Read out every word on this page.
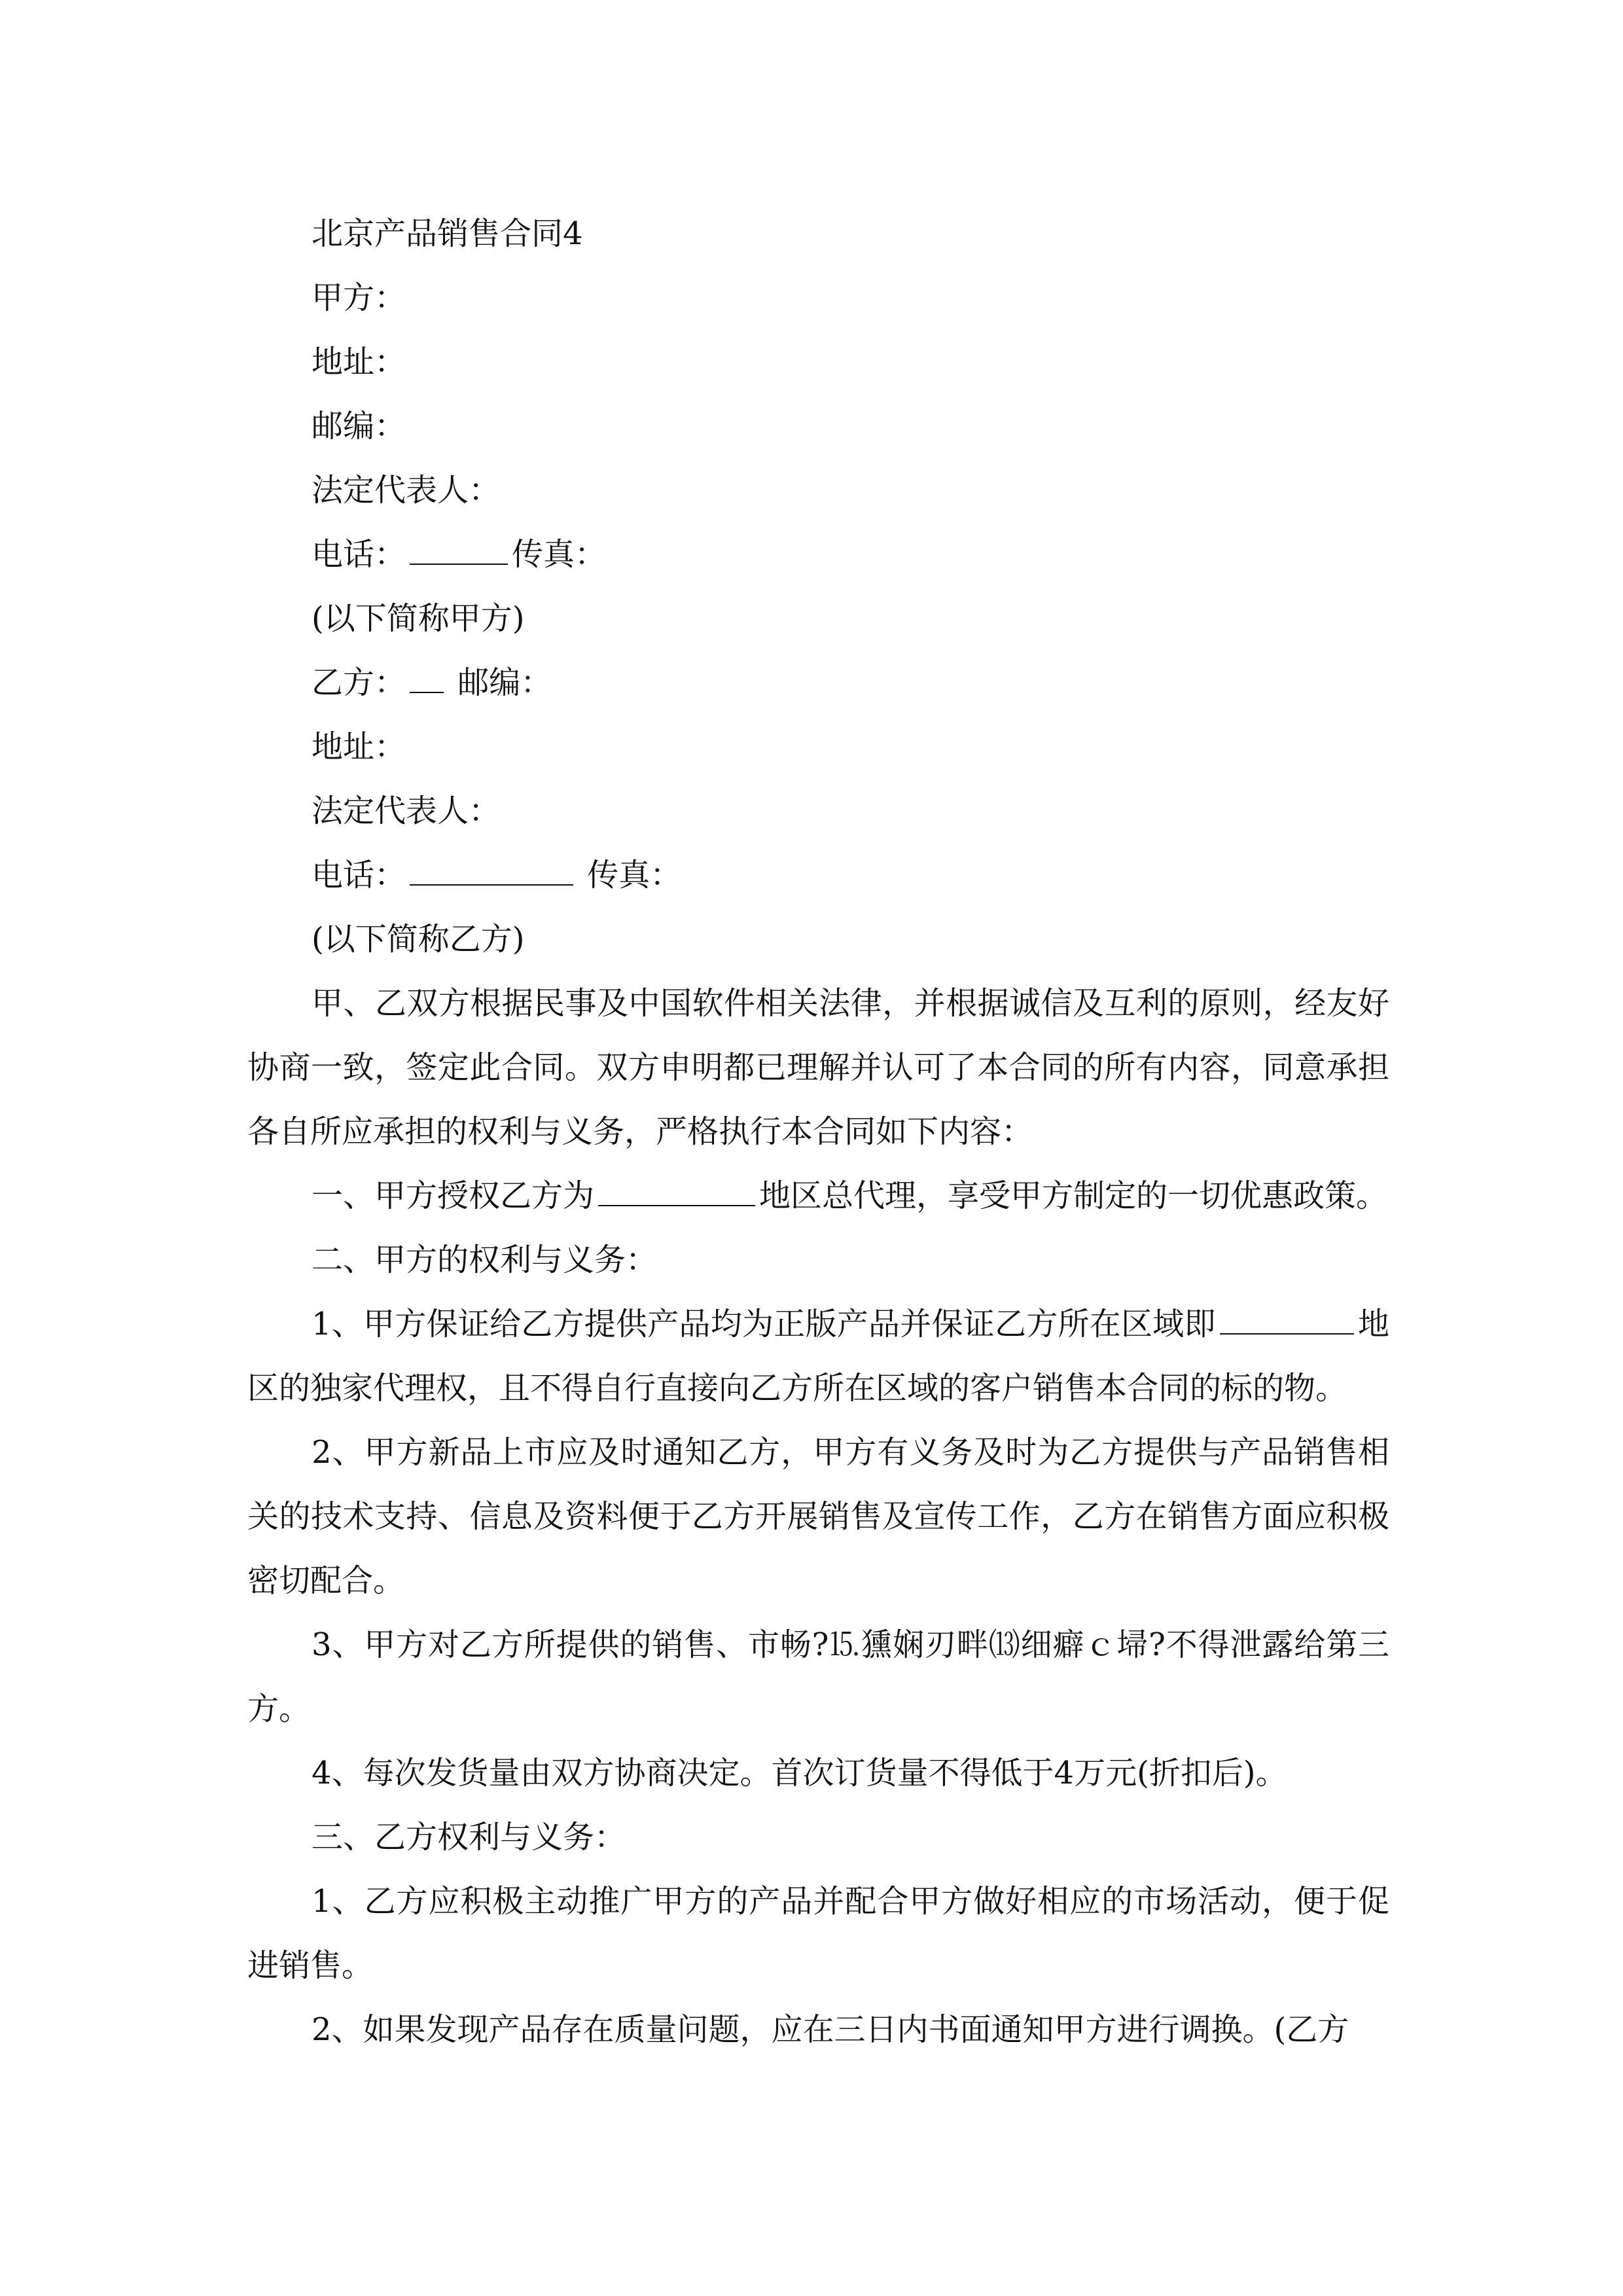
北京产品销售合同4

甲方：

地址：

邮编：

法定代表人：

电话：	传真：

(以下简称甲方)

乙方： 邮编：

地址：

法定代表人：

电话：	传真：

(以下简称乙方)

甲、乙双方根据民事及中国软件相关法律，并根据诚信及互利的原则，经友好协商一致，签定此合同。双方申明都已理解并认可了本合同的所有内容，同意承担各自所应承担的权利与义务，严格执行本合同如下内容：

一、甲方授权乙方为	地区总代理，享受甲方制定的一切优惠政策。

二、甲方的权利与义务：

1、甲方保证给乙方提供产品均为正版产品并保证乙方所在区域即	地区的独家代理权，且不得自行直接向乙方所在区域的客户销售本合同的标的物。

2、甲方新品上市应及时通知乙方，甲方有义务及时为乙方提供与产品销售相关的技术支持、信息及资料便于乙方开展销售及宣传工作，乙方在销售方面应积极密切配合。

3、甲方对乙方所提供的销售、市畅?⒖獯娴刃畔⒀细癖ｃ埽?不得泄露给第三方。

4、每次发货量由双方协商决定。首次订货量不得低于4万元(折扣后)。

三、乙方权利与义务：

1、乙方应积极主动推广甲方的产品并配合甲方做好相应的市场活动，便于促进销售。

2、如果发现产品存在质量问题，应在三日内书面通知甲方进行调换。(乙方
